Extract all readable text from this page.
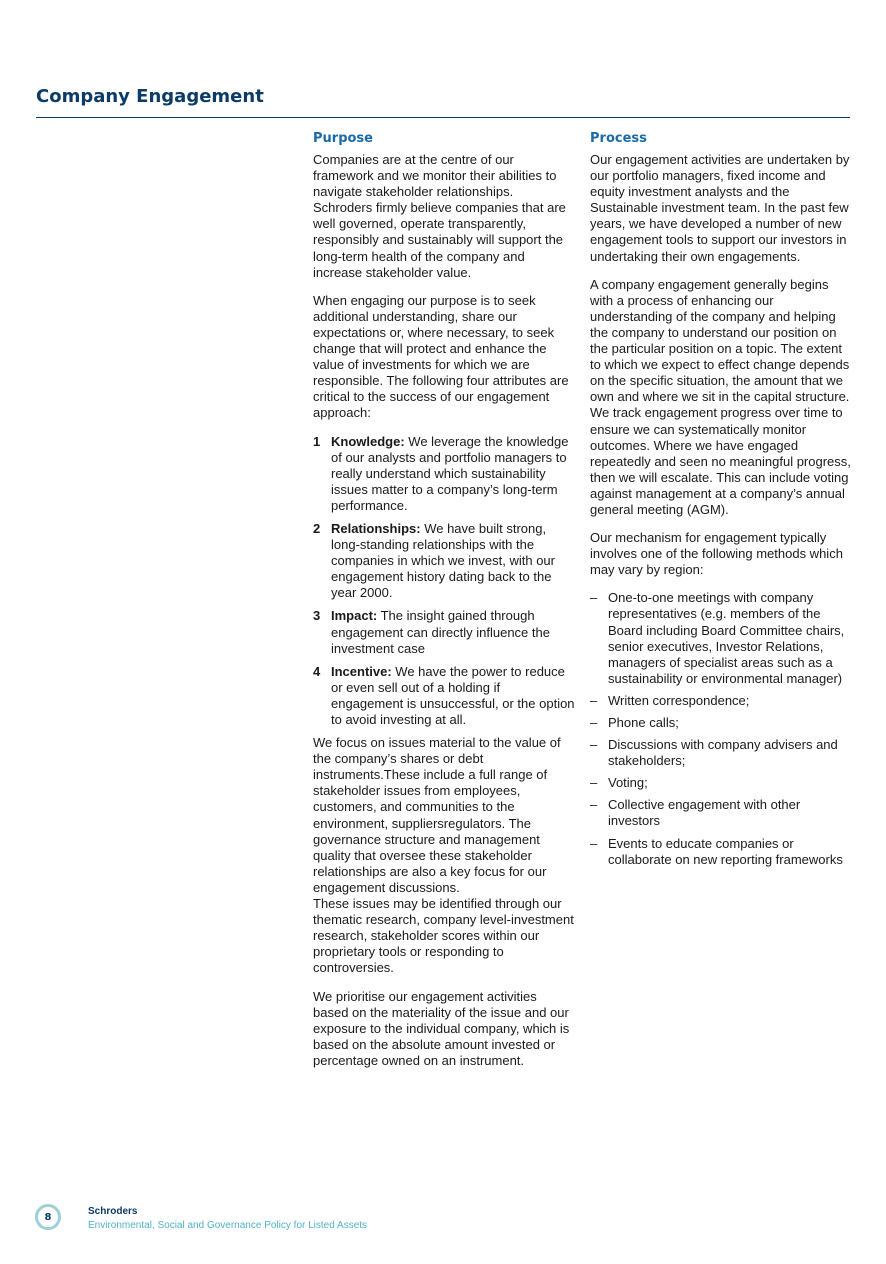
Company Engagement
Purpose

Companies are at the centre of our framework and we monitor their abilities to navigate stakeholder relationships. Schroders firmly believe companies that are well governed, operate transparently, responsibly and sustainably will support the long-term health of the company and increase stakeholder value.

When engaging our purpose is to seek additional understanding, share our expectations or, where necessary, to seek change that will protect and enhance the value of investments for which we are responsible. The following four attributes are critical to the success of our engagement approach:

1 Knowledge: We leverage the knowledge of our analysts and portfolio managers to really understand which sustainability issues matter to a company’s long-term performance.
2 Relationships: We have built strong, long-standing relationships with the companies in which we invest, with our engagement history dating back to the year 2000.
3 Impact: The insight gained through engagement can directly influence the investment case
4 Incentive: We have the power to reduce or even sell out of a holding if engagement is unsuccessful, or the option to avoid investing at all.

We focus on issues material to the value of the company’s shares or debt instruments.These include a full range of stakeholder issues from employees, customers, and communities to the environment, suppliersregulators. The governance structure and management quality that oversee these stakeholder relationships are also a key focus for our engagement discussions.

These issues may be identified through our thematic research, company level-investment research, stakeholder scores within our proprietary tools or responding to controversies.

We prioritise our engagement activities based on the materiality of the issue and our exposure to the individual company, which is based on the absolute amount invested or percentage owned on an instrument.

Process

Our engagement activities are undertaken by our portfolio managers, fixed income and equity investment analysts and the Sustainable investment team. In the past few years, we have developed a number of new engagement tools to support our investors in undertaking their own engagements.

A company engagement generally begins with a process of enhancing our understanding of the company and helping the company to understand our position on the particular position on a topic. The extent to which we expect to effect change depends on the specific situation, the amount that we own and where we sit in the capital structure. We track engagement progress over time to ensure we can systematically monitor outcomes. Where we have engaged repeatedly and seen no meaningful progress, then we will escalate. This can include voting against management at a company’s annual general meeting (AGM).

Our mechanism for engagement typically involves one of the following methods which may vary by region:

– One-to-one meetings with company representatives (e.g. members of the Board including Board Committee chairs, senior executives, Investor Relations, managers of specialist areas such as a sustainability or environmental manager)
– Written correspondence;
– Phone calls;
– Discussions with company advisers and stakeholders;
– Voting;
– Collective engagement with other investors
– Events to educate companies or collaborate on new reporting frameworks
8	Schroders
Environmental, Social and Governance Policy for Listed Assets
